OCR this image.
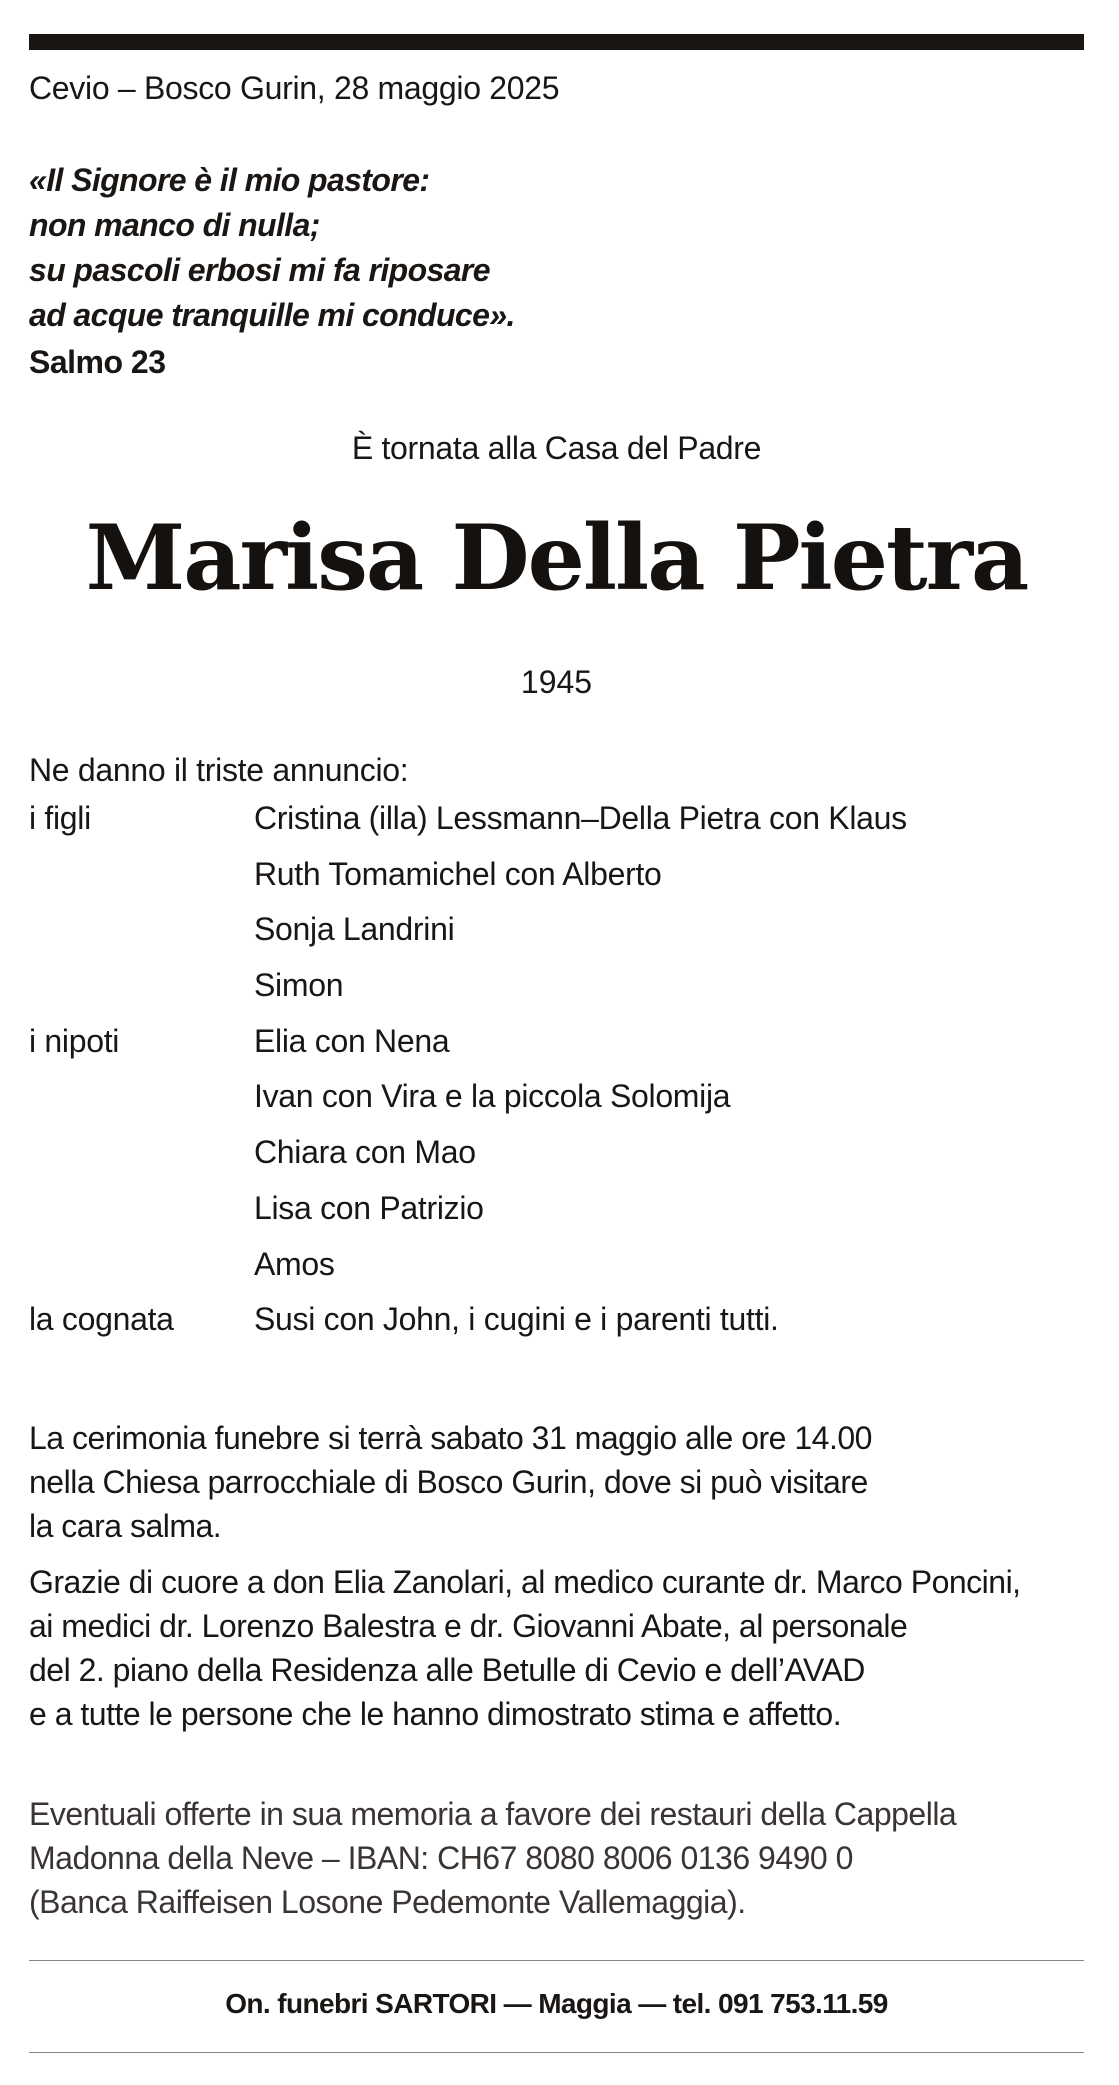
Cevio – Bosco Gurin, 28 maggio 2025
«Il Signore è il mio pastore:
non manco di nulla;
su pascoli erbosi mi fa riposare
ad acque tranquille mi conduce».
Salmo 23
È tornata alla Casa del Padre
Marisa Della Pietra
1945
Ne danno il triste annuncio:
i figli	Cristina (illa) Lessmann–Della Pietra con Klaus
Ruth Tomamichel con Alberto
Sonja Landrini
Simon
i nipoti	Elia con Nena
Ivan con Vira e la piccola Solomija
Chiara con Mao
Lisa con Patrizio
Amos
la cognata	Susi con John, i cugini e i parenti tutti.
La cerimonia funebre si terrà sabato 31 maggio alle ore 14.00
nella Chiesa parrocchiale di Bosco Gurin, dove si può visitare
la cara salma.
Grazie di cuore a don Elia Zanolari, al medico curante dr. Marco Poncini,
ai medici dr. Lorenzo Balestra e dr. Giovanni Abate, al personale
del 2. piano della Residenza alle Betulle di Cevio e dell’AVAD
e a tutte le persone che le hanno dimostrato stima e affetto.
Eventuali offerte in sua memoria a favore dei restauri della Cappella
Madonna della Neve – IBAN: CH67 8080 8006 0136 9490 0
(Banca Raiffeisen Losone Pedemonte Vallemaggia).
On. funebri SARTORI — Maggia — tel. 091 753.11.59
